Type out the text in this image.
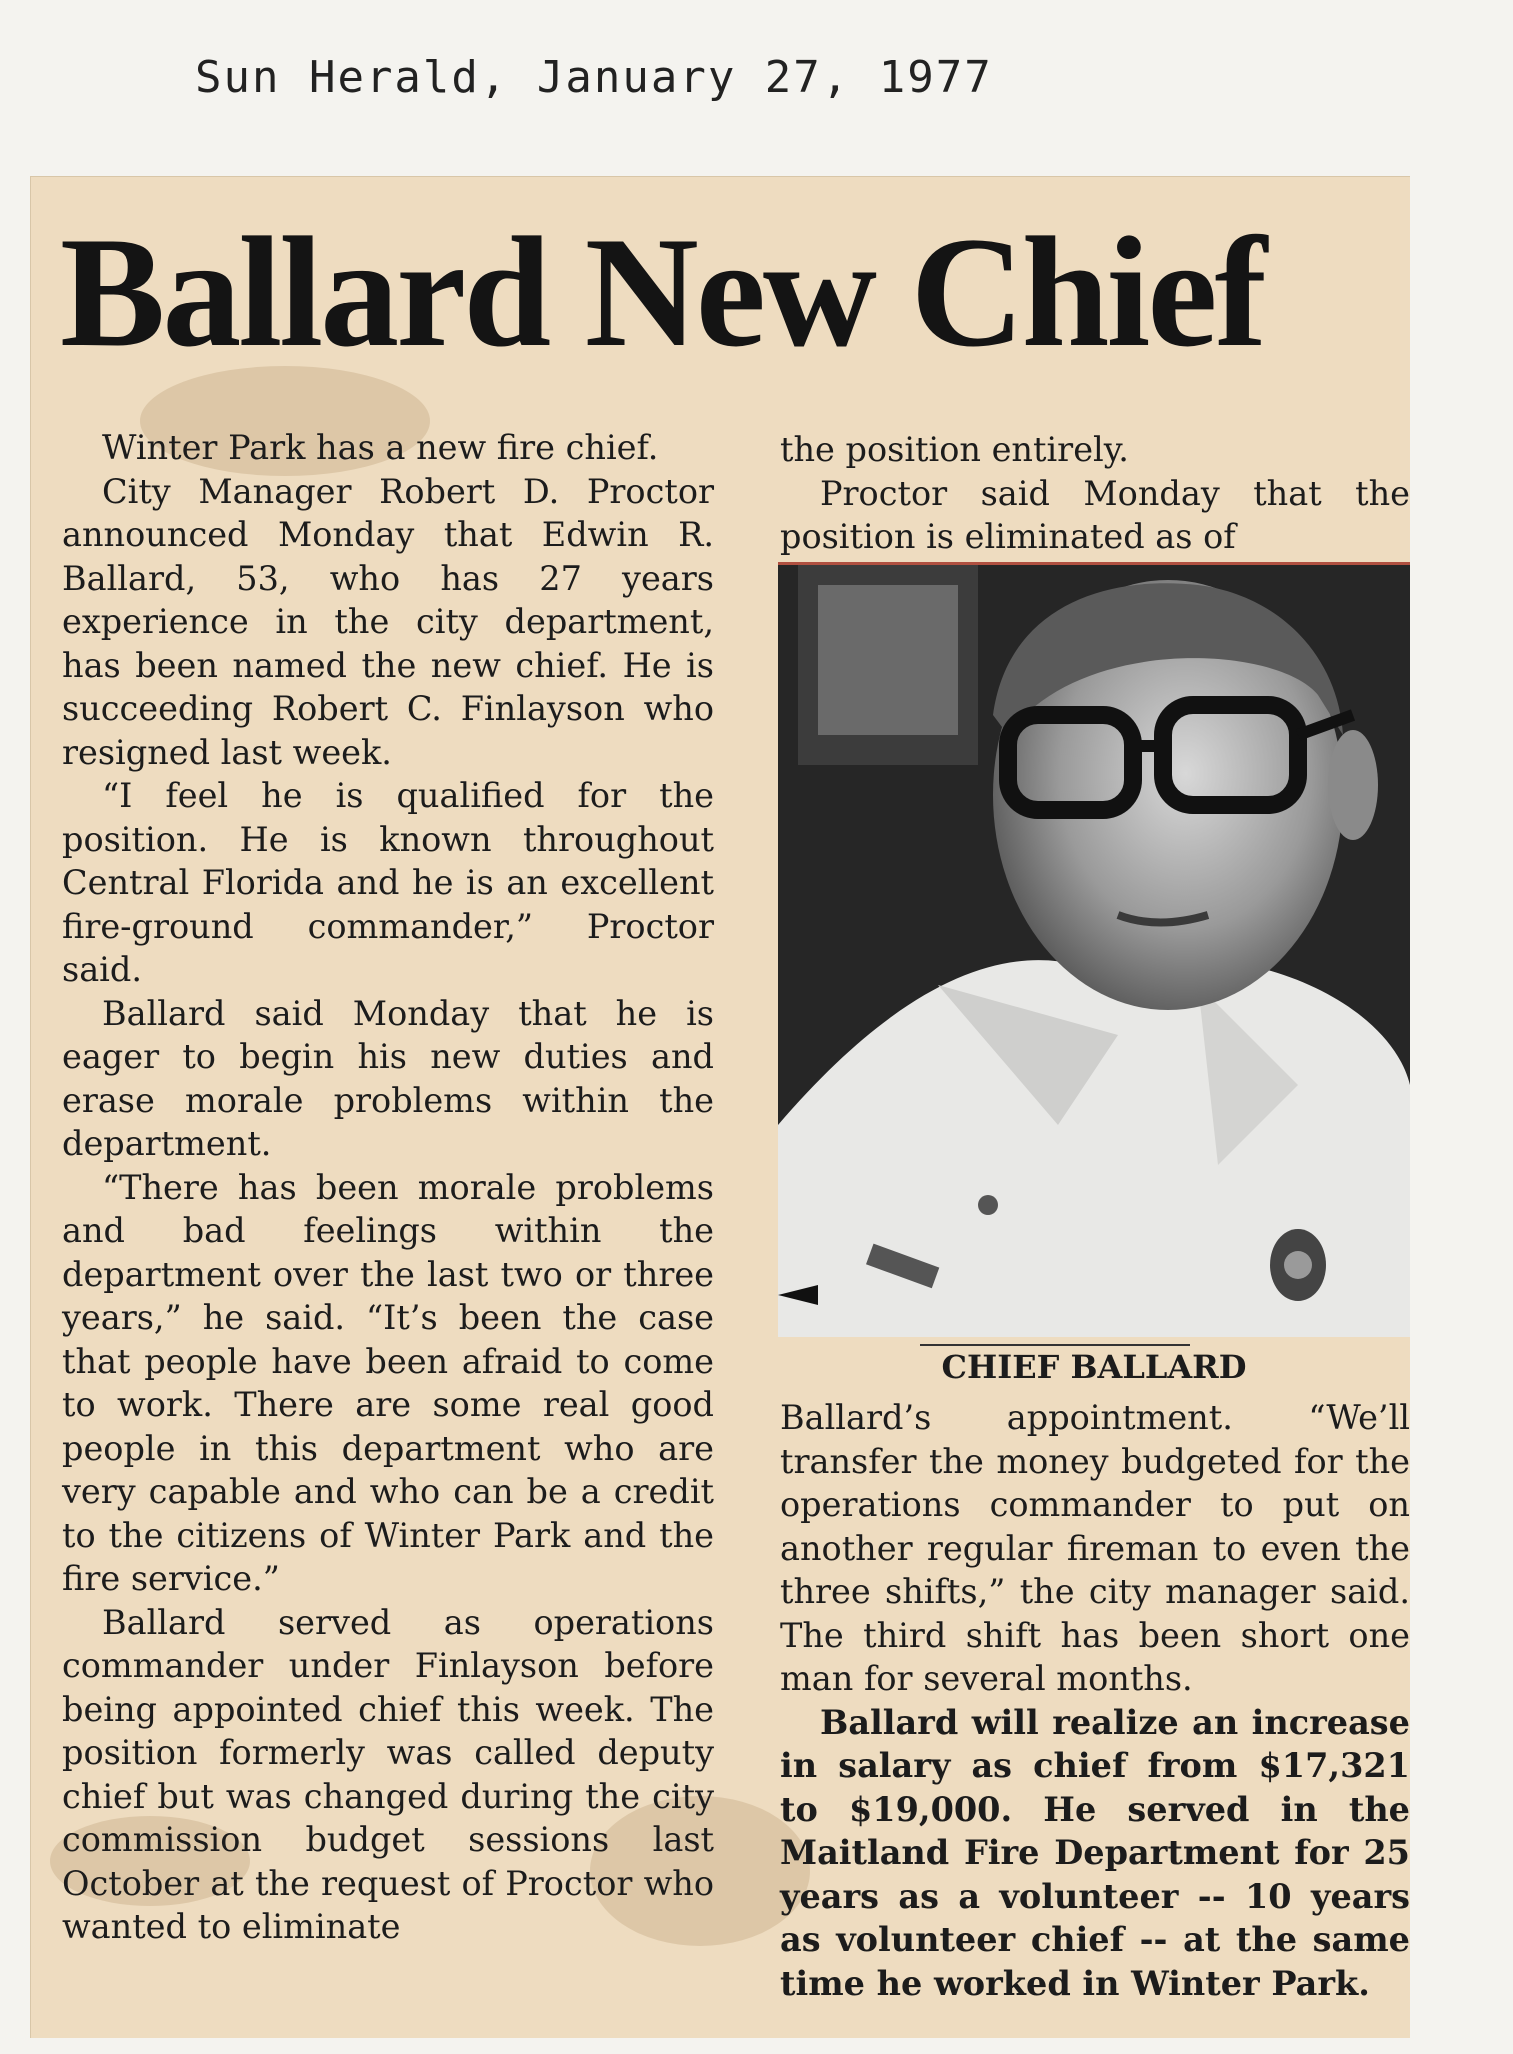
Sun Herald, January 27, 1977
Ballard New Chief

Winter Park has a new fire chief.

City Manager Robert D. Proctor announced Monday that Edwin R. Ballard, 53, who has 27 years experience in the city department, has been named the new chief. He is succeeding Robert C. Finlayson who resigned last week.

“I feel he is qualified for the position. He is known throughout Central Florida and he is an excellent fire-ground commander,” Proctor said.

Ballard said Monday that he is eager to begin his new duties and erase morale problems within the department.

“There has been morale problems and bad feelings within the department over the last two or three years,” he said. “It’s been the case that people have been afraid to come to work. There are some real good people in this department who are very capable and who can be a credit to the citizens of Winter Park and the fire service.”

Ballard served as operations commander under Finlayson before being appointed chief this week. The position formerly was called deputy chief but was changed during the city commission budget sessions last October at the request of Proctor who wanted to eliminate

the position entirely.

Proctor said Monday that the position is eliminated as of

CHIEF BALLARD

Ballard’s appointment. “We’ll transfer the money budgeted for the operations commander to put on another regular fireman to even the three shifts,” the city manager said. The third shift has been short one man for several months.

Ballard will realize an increase in salary as chief from $17,321 to $19,000. He served in the Maitland Fire Department for 25 years as a volunteer -- 10 years as volunteer chief -- at the same time he worked in Winter Park.
